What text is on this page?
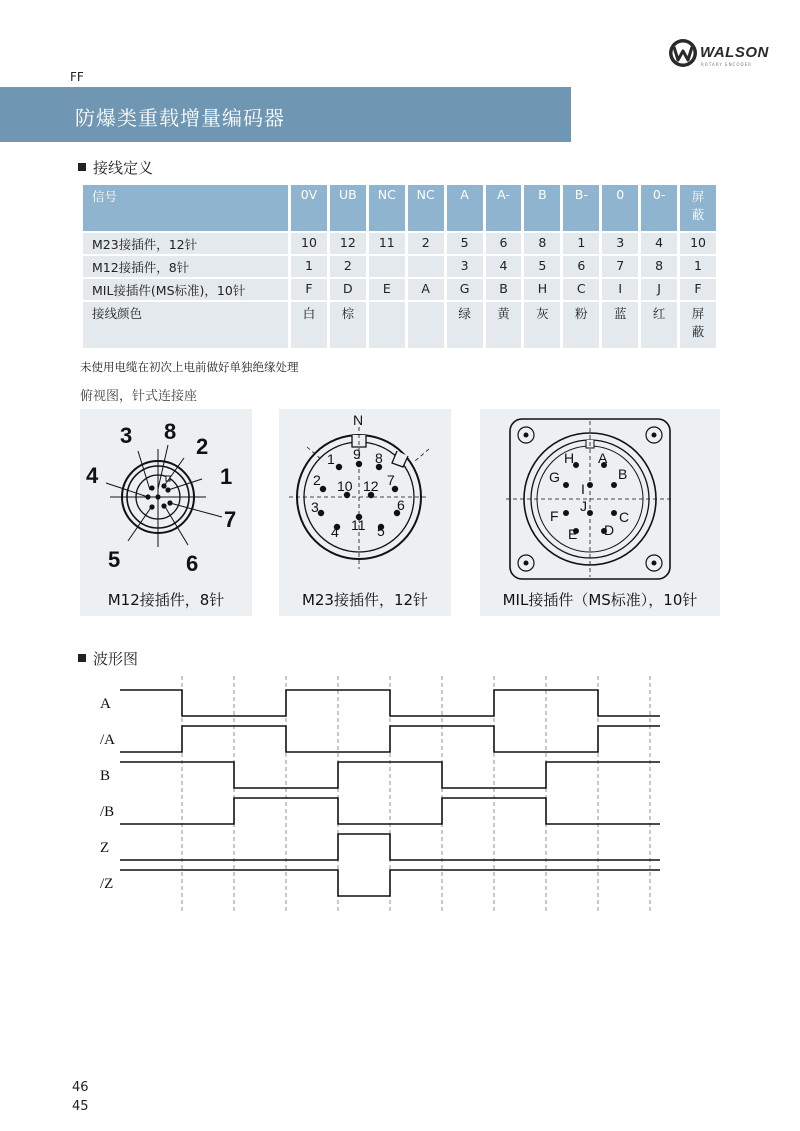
WALSON
ROTARY ENCODER
FF
防爆类重载增量编码器
接线定义
信号	0V	UB	NC	NC	A	A-	B	B-	0	0-	屏
蔽
M23接插件，12针	10	12	11	2	5	6	8	1	3	4	10
M12接插件，8针	1	2			3	4	5	6	7	8	1
MIL接插件(MS标准)，10针	F	D	E	A	G	B	H	C	I	J	F
接线颜色	白	棕			绿	黄	灰	粉	蓝	红	屏
蔽
未使用电缆在初次上电前做好单独绝缘处理
俯视图，针式连接座
1
2
3
4
5	6
7
8
M12接插件，8针
N
1
2
3
4	5
6
7
8
9
10
11
12
M23接插件，12针
A
B
C
D
E
F
G
H
I
J
MIL接插件（MS标准），10针
波形图
A
/A
B
/B
Z
/Z
46
45
